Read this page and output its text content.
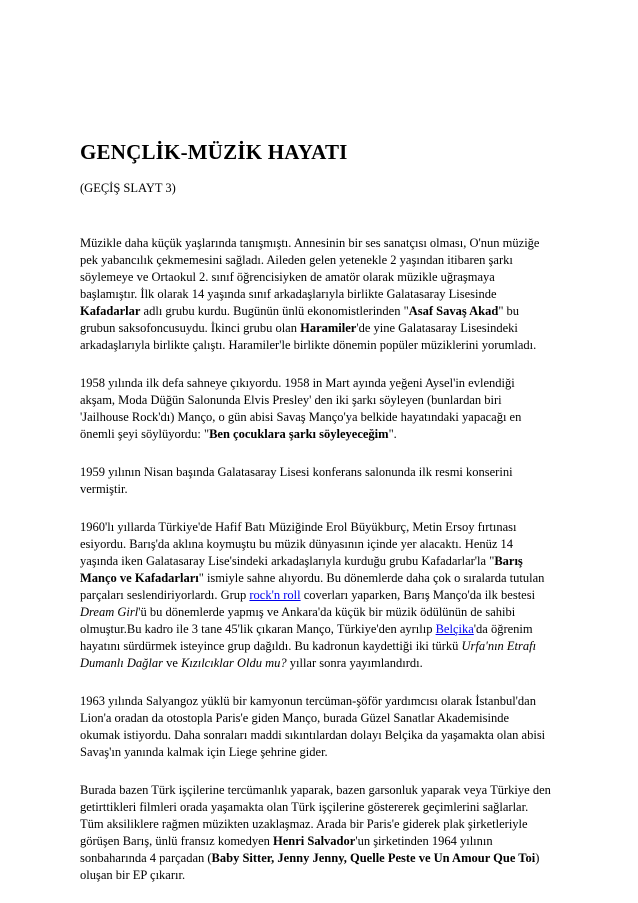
GENÇLİK-MÜZİK HAYATI
(GEÇİŞ SLAYT 3)

Müzikle daha küçük yaşlarında tanışmıştı. Annesinin bir ses sanatçısı olması, O'nun müziğe
pek yabancılık çekmemesini sağladı. Aileden gelen yetenekle 2 yaşından itibaren şarkı
söylemeye ve Ortaokul 2. sınıf öğrencisiyken de amatör olarak müzikle uğraşmaya
başlamıştır. İlk olarak 14 yaşında sınıf arkadaşlarıyla birlikte Galatasaray Lisesinde
Kafadarlar adlı grubu kurdu. Bugünün ünlü ekonomistlerinden "Asaf Savaş Akad" bu
grubun saksofoncusuydu. İkinci grubu olan Haramiler'de yine Galatasaray Lisesindeki
arkadaşlarıyla birlikte çalıştı. Haramiler'le birlikte dönemin popüler müziklerini yorumladı.

1958 yılında ilk defa sahneye çıkıyordu. 1958 in Mart ayında yeğeni Aysel'in evlendiği
akşam, Moda Düğün Salonunda Elvis Presley' den iki şarkı söyleyen (bunlardan biri
'Jailhouse Rock'dı) Manço, o gün abisi Savaş Manço'ya belkide hayatındaki yapacağı en
önemli şeyi söylüyordu: "Ben çocuklara şarkı söyleyeceğim".

1959 yılının Nisan başında Galatasaray Lisesi konferans salonunda ilk resmi konserini
vermiştir.

1960'lı yıllarda Türkiye'de Hafif Batı Müziğinde Erol Büyükburç, Metin Ersoy fırtınası
esiyordu. Barış'da aklına koymuştu bu müzik dünyasının içinde yer alacaktı. Henüz 14
yaşında iken Galatasaray Lise'sindeki arkadaşlarıyla kurduğu grubu Kafadarlar'la "Barış
Manço ve Kafadarları" ismiyle sahne alıyordu. Bu dönemlerde daha çok o sıralarda tutulan
parçaları seslendiriyorlardı. Grup rock'n roll coverları yaparken, Barış Manço'da ilk bestesi
Dream Girl'ü bu dönemlerde yapmış ve Ankara'da küçük bir müzik ödülünün de sahibi
olmuştur.Bu kadro ile 3 tane 45'lik çıkaran Manço, Türkiye'den ayrılıp Belçika'da öğrenim
hayatını sürdürmek isteyince grup dağıldı. Bu kadronun kaydettiği iki türkü Urfa'nın Etrafı
Dumanlı Dağlar ve Kızılcıklar Oldu mu? yıllar sonra yayımlandırdı.

1963 yılında Salyangoz yüklü bir kamyonun tercüman-şöför yardımcısı olarak İstanbul'dan
Lion'a oradan da otostopla Paris'e giden Manço, burada Güzel Sanatlar Akademisinde
okumak istiyordu. Daha sonraları maddi sıkıntılardan dolayı Belçika da yaşamakta olan abisi
Savaş'ın yanında kalmak için Liege şehrine gider.

Burada bazen Türk işçilerine tercümanlık yaparak, bazen garsonluk yaparak veya Türkiye den
getirttikleri filmleri orada yaşamakta olan Türk işçilerine göstererek geçimlerini sağlarlar.
Tüm aksiliklere rağmen müzikten uzaklaşmaz. Arada bir Paris'e giderek plak şirketleriyle
görüşen Barış, ünlü fransız komedyen Henri Salvador'un şirketinden 1964 yılının
sonbaharında 4 parçadan (Baby Sitter, Jenny Jenny, Quelle Peste ve Un Amour Que Toi)
oluşan bir EP çıkarır.
